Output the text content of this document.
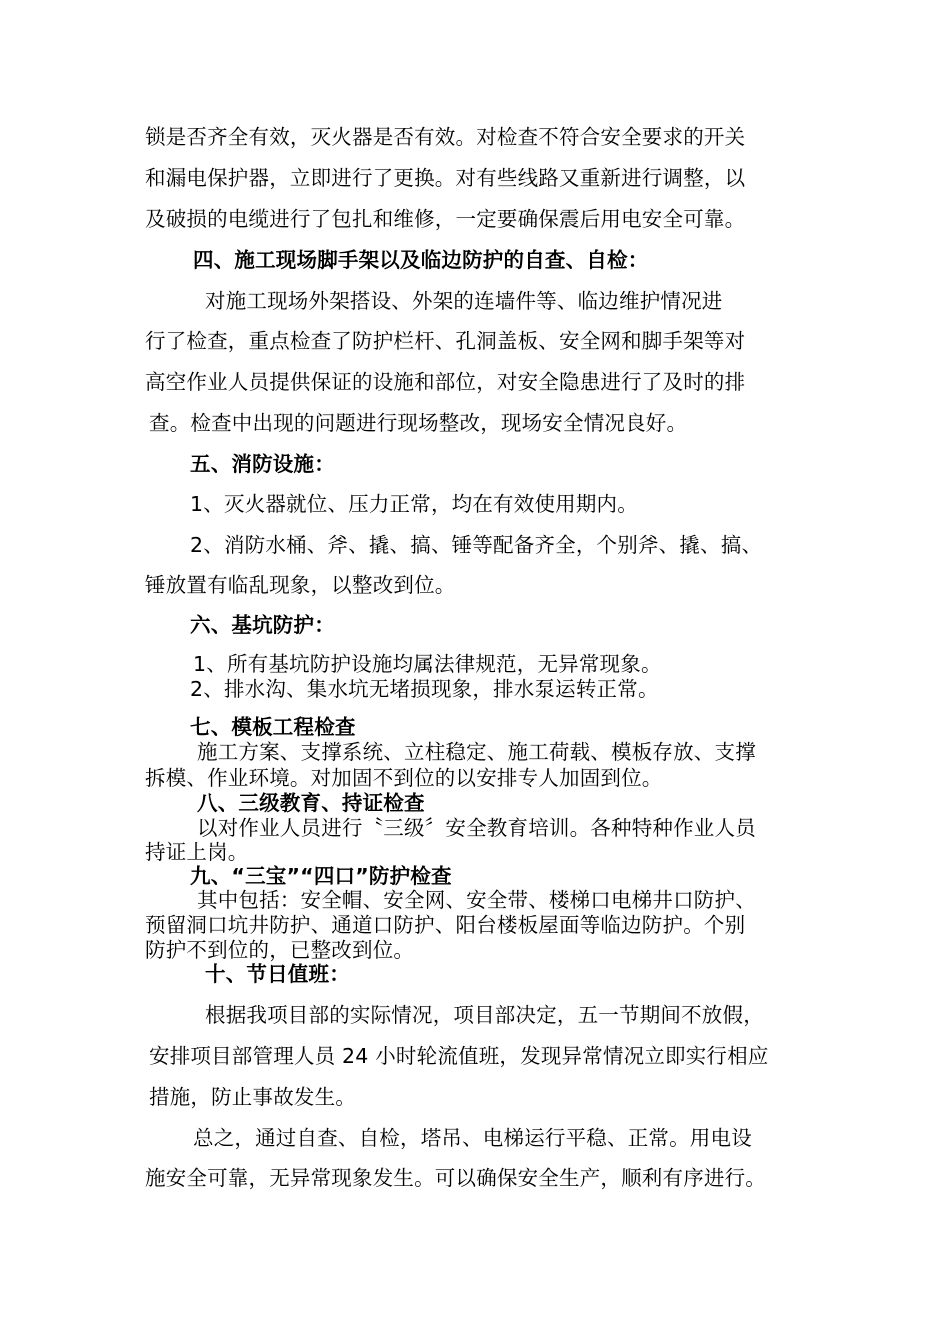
锁是否齐全有效，灭火器是否有效。对检查不符合安全要求的开关
和漏电保护器，立即进行了更换。对有些线路又重新进行调整，以
及破损的电缆进行了包扎和维修，一定要确保震后用电安全可靠。
四、施工现场脚手架以及临边防护的自查、自检：
对施工现场外架搭设、外架的连墙件等、临边维护情况进
行了检查，重点检查了防护栏杆、孔洞盖板、安全网和脚手架等对
高空作业人员提供保证的设施和部位，对安全隐患进行了及时的排
查。检查中出现的问题进行现场整改，现场安全情况良好。
五、消防设施：
1、灭火器就位、压力正常，均在有效使用期内。
2、消防水桶、斧、撬、搞、锤等配备齐全，个别斧、撬、搞、
锤放置有临乱现象，以整改到位。
六、基坑防护：
1、所有基坑防护设施均属法律规范，无异常现象。
2、排水沟、集水坑无堵损现象，排水泵运转正常。
七、模板工程检查
施工方案、支撑系统、立柱稳定、施工荷载、模板存放、支撑
拆模、作业环境。对加固不到位的以安排专人加固到位。
八、三级教育、持证检查
以对作业人员进行〝三级〞安全教育培训。各种特种作业人员
持证上岗。
九、“三宝”“四口”防护检查
其中包括：安全帽、安全网、安全带、楼梯口电梯井口防护、
预留洞口坑井防护、通道口防护、阳台楼板屋面等临边防护。个别
防护不到位的，已整改到位。
十、节日值班：
根据我项目部的实际情况，项目部决定，五一节期间不放假，
安排项目部管理人员 24 小时轮流值班，发现异常情况立即实行相应
措施，防止事故发生。
总之，通过自查、自检，塔吊、电梯运行平稳、正常。用电设
施安全可靠，无异常现象发生。可以确保安全生产，顺利有序进行。
